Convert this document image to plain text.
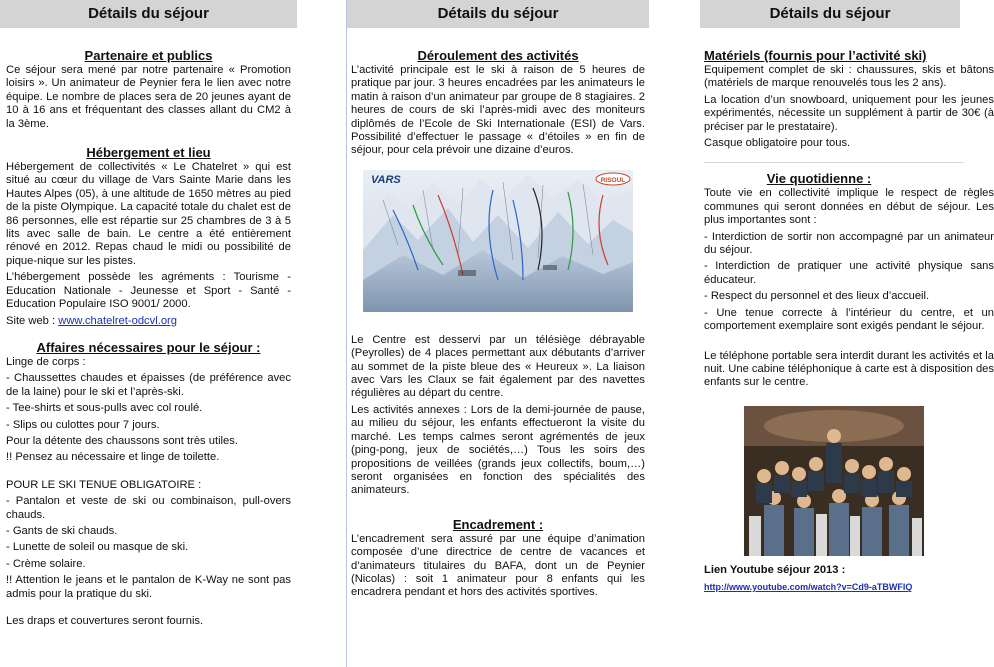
Détails du séjour
Partenaire et publics

Ce séjour sera mené par notre partenaire « Promotion loisirs ». Un animateur de Peynier fera le lien avec notre équipe. Le nombre de places sera de 20 jeunes ayant de 10 à 16 ans et fréquentant des classes allant du CM2 à la 3ème.

Hébergement et lieu

Hébergement de collectivités « Le Chatelret » qui est situé au cœur du village de Vars Sainte Marie dans les Hautes Alpes (05), à une altitude de 1650 mètres au pied de la piste Olympique. La capacité totale du chalet est de 86 personnes, elle est répartie sur 25 chambres de 3 à 5 lits avec salle de bain. Le centre a été entièrement rénové en 2012. Repas chaud le midi ou possibilité de pique-nique sur les pistes.

L’hébergement possède les agréments : Tourisme - Education Nationale - Jeunesse et Sport - Santé - Education Populaire ISO 9001/ 2000.

Site web : www.chatelret-odcvl.org

Affaires nécessaires pour le séjour :

Linge de corps :

- Chaussettes chaudes et épaisses (de préférence avec de la laine) pour le ski et l’après-ski.

- Tee-shirts et sous-pulls avec col roulé.

- Slips ou culottes pour 7 jours.

Pour la détente des chaussons sont très utiles.

!! Pensez au nécessaire et linge de toilette.

POUR LE SKI TENUE OBLIGATOIRE :

- Pantalon et veste de ski ou combinaison, pull-overs chauds.

- Gants de ski chauds.

- Lunette de soleil ou masque de ski.

- Crème solaire.

!! Attention le jeans et le pantalon de K-Way ne sont pas admis pour la pratique du ski.

Les draps et couvertures seront fournis.

Détails du séjour
Déroulement des activités

L’activité principale est le ski à raison de 5 heures de pratique par jour. 3 heures encadrées par les animateurs le matin à raison d’un animateur par groupe de 8 stagiaires. 2 heures de cours de ski l’après-midi avec des moniteurs diplômés de l’Ecole de Ski Internationale (ESI) de Vars. Possibilité d’effectuer le passage « d’étoiles » en fin de séjour, pour cela prévoir une dizaine d’euros.

VARS	RISOUL

Le Centre est desservi par un télésiège débrayable (Peyrolles) de 4 places permettant aux débutants d’arriver au sommet de la piste bleue des « Heureux ». La liaison avec Vars les Claux se fait également par des navettes régulières au départ du centre.

Les activités annexes : Lors de la demi-journée de pause, au milieu du séjour, les enfants effectueront la visite du marché. Les temps calmes seront agrémentés de jeux (ping-pong, jeux de sociétés,…) Tous les soirs des propositions de veillées (grands jeux collectifs, boum,…) seront organisées en fonction des spécialités des animateurs.

Encadrement :

L’encadrement sera assuré par une équipe d’animation composée d’une directrice de centre de vacances et d’animateurs titulaires du BAFA, dont un de Peynier (Nicolas) : soit 1 animateur pour 8 enfants qui les encadrera pendant et hors des activités sportives.

Détails du séjour
Matériels (fournis pour l’activité ski)

Equipement complet de ski : chaussures, skis et bâtons (matériels de marque renouvelés tous les 2 ans).

La location d’un snowboard, uniquement pour les jeunes expérimentés, nécessite un supplément à partir de 30€ (à préciser par le prestataire).

Casque obligatoire pour tous.

Vie quotidienne :

Toute vie en collectivité implique le respect de règles communes qui seront données en début de séjour. Les plus importantes sont :

- Interdiction de sortir non accompagné par un animateur du séjour.

- Interdiction de pratiquer une activité physique sans éducateur.

- Respect du personnel et des lieux d’accueil.

- Une tenue correcte à l’intérieur du centre, et un comportement exemplaire sont exigés pendant le séjour.

Le téléphone portable sera interdit durant les activités et la nuit. Une cabine téléphonique à carte est à disposition des enfants sur le centre.

Lien Youtube séjour 2013 :

http://www.youtube.com/watch?v=Cd9-aTBWFlQ
